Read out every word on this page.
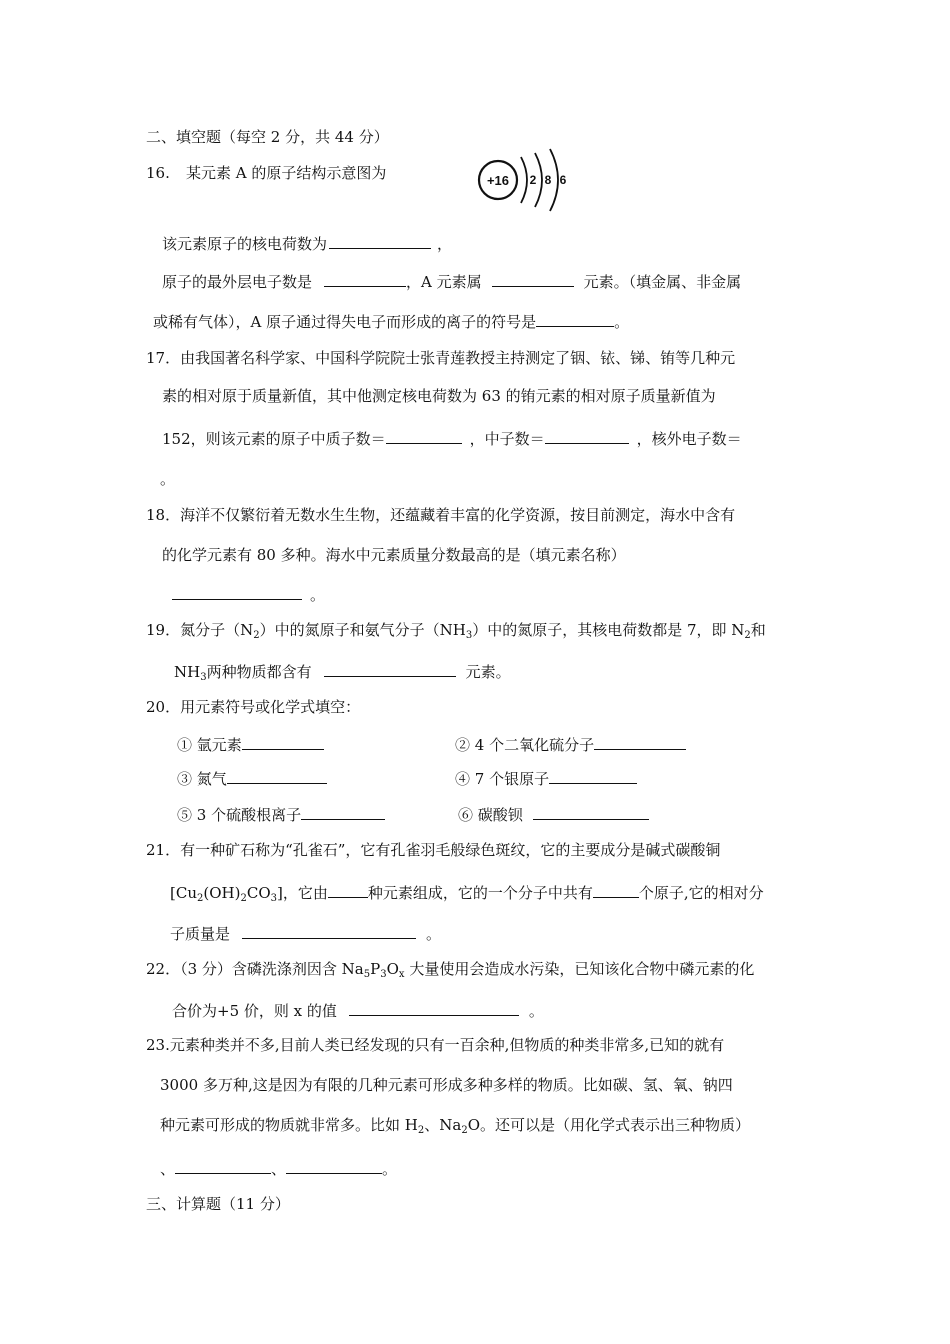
二、填空题（每空 2 分，共 44 分）
16. 某元素 A 的原子结构示意图为	+16 2 8 6
该元素原子的核电荷数为	，
原子的最外层电子数是	，A 元素属	元素。（填金属、非金属
或稀有气体），A 原子通过得失电子而形成的离子的符号是	。
17．由我国著名科学家、中国科学院院士张青莲教授主持测定了铟、铱、锑、铕等几种元
素的相对原于质量新值，其中他测定核电荷数为 63 的铕元素的相对原子质量新值为
152，则该元素的原子中质子数＝	，中子数＝	，核外电子数＝
。
18．海洋不仅繁衍着无数水生生物，还蕴藏着丰富的化学资源，按目前测定，海水中含有
的化学元素有 80 多种。海水中元素质量分数最高的是（填元素名称）
。
19．氮分子$(N_2)$中的氮原子和氨气分子$(NH_3)$中的氮原子，其核电荷数都是 7，即 $N_2$和
$NH_3$两种物质都含有	元素。
20．用元素符号或化学式填空：
① 氩元素	② 4 个二氧化硫分子
③ 氮气	④ 7 个银原子
⑤ 3 个硫酸根离子	⑥ 碳酸钡
21．有一种矿石称为“孔雀石”，它有孔雀羽毛般绿色斑纹，它的主要成分是碱式碳酸铜
$[Cu_2(OH)_2CO_3]$，它由	种元素组成，它的一个分子中共有	个原子,它的相对分
子质量是	。
22．（3 分）含磷洗涤剂因含 $Na_5P_3O_x$ 大量使用会造成水污染，已知该化合物中磷元素的化
合价为+5 价，则 x 的值	。
23.元素种类并不多,目前人类已经发现的只有一百余种,但物质的种类非常多,已知的就有
3000 多万种,这是因为有限的几种元素可形成多种多样的物质。比如碳、氢、氧、钠四
种元素可形成的物质就非常多。比如 $H_2$、$Na_2O$。还可以是（用化学式表示出三种物质）
、	、	。
三、计算题（11 分）
